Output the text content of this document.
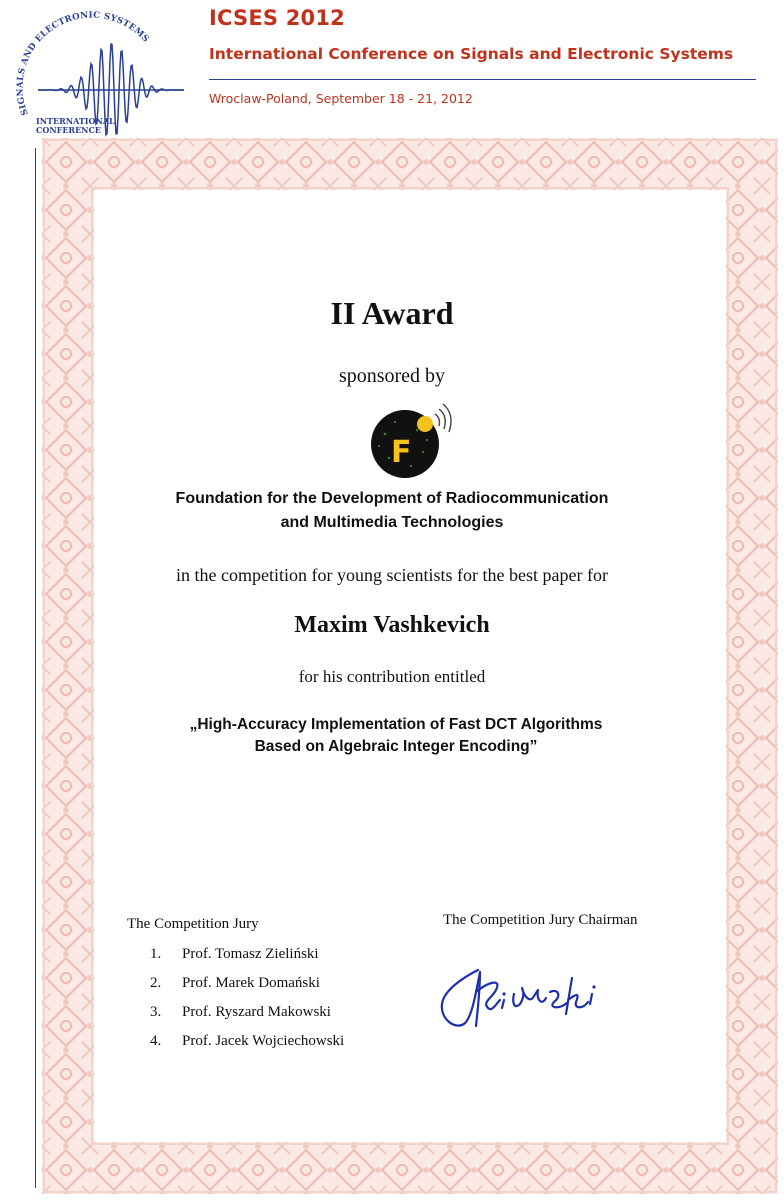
SIGNALS AND ELECTRONIC SYSTEMS
INTERNATIONAL
CONFERENCE
ICSES 2012

International Conference on Signals and Electronic Systems

Wroclaw-Poland, September 18 - 21, 2012

II Award

sponsored by

F

Foundation for the Development of Radiocommunication

and Multimedia Technologies

in the competition for young scientists for the best paper for

Maxim Vashkevich

for his contribution entitled

„High-Accuracy Implementation of Fast DCT Algorithms

Based on Algebraic Integer Encoding”

The Competition Jury

1. Prof. Tomasz Zieliński
2. Prof. Marek Domański
3. Prof. Ryszard Makowski
4. Prof. Jacek Wojciechowski

The Competition Jury Chairman
